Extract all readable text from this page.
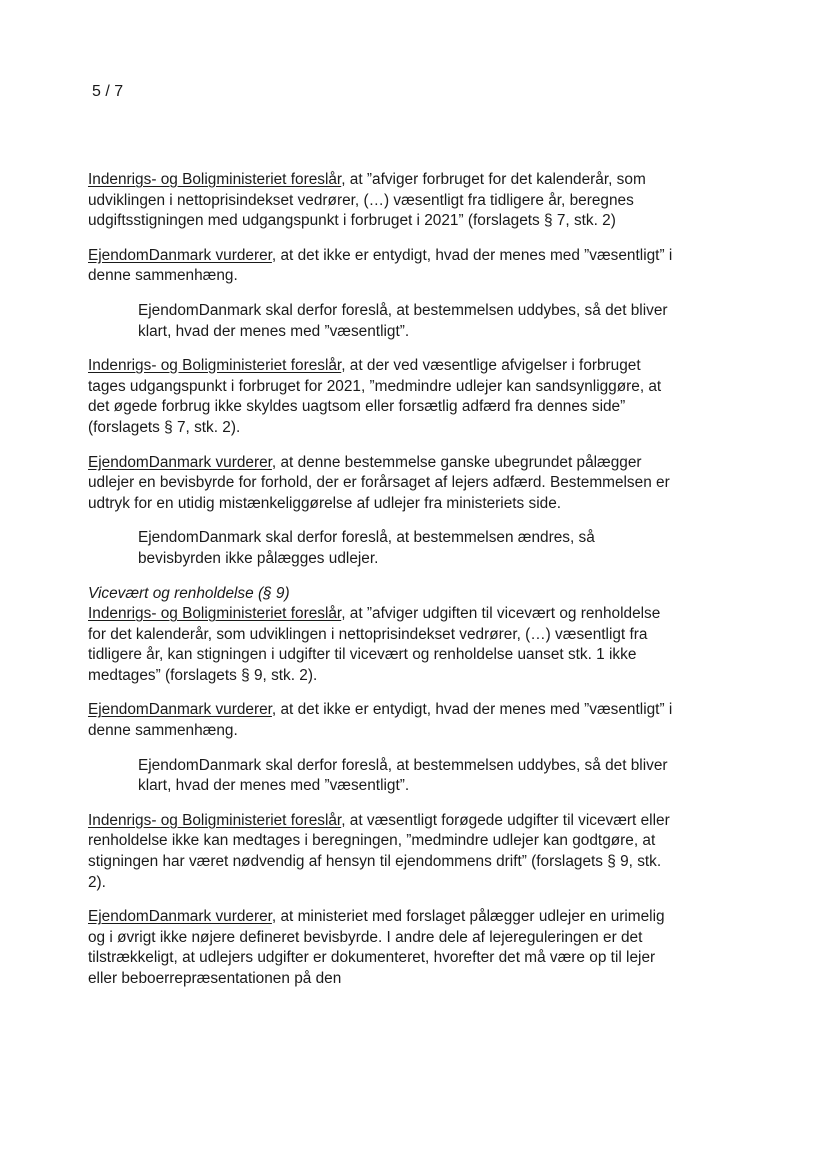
5 / 7

Indenrigs- og Boligministeriet foreslår, at ”afviger forbruget for det kalenderår, som udviklingen i nettoprisindekset vedrører, (…) væsentligt fra tidligere år, beregnes udgiftsstigningen med udgangspunkt i forbruget i 2021” (forslagets § 7, stk. 2)

EjendomDanmark vurderer, at det ikke er entydigt, hvad der menes med ”væsentligt” i denne sammenhæng.

EjendomDanmark skal derfor foreslå, at bestemmelsen uddybes, så det bliver klart, hvad der menes med ”væsentligt”.

Indenrigs- og Boligministeriet foreslår, at der ved væsentlige afvigelser i forbruget tages udgangspunkt i forbruget for 2021, ”medmindre udlejer kan sandsynliggøre, at det øgede forbrug ikke skyldes uagtsom eller forsætlig adfærd fra dennes side” (forslagets § 7, stk. 2).

EjendomDanmark vurderer, at denne bestemmelse ganske ubegrundet pålægger udlejer en bevisbyrde for forhold, der er forårsaget af lejers adfærd. Bestemmelsen er udtryk for en utidig mistænkeliggørelse af udlejer fra ministeriets side.

EjendomDanmark skal derfor foreslå, at bestemmelsen ændres, så bevisbyrden ikke pålægges udlejer.

Vicevært og renholdelse (§ 9)

Indenrigs- og Boligministeriet foreslår, at ”afviger udgiften til vicevært og renholdelse for det kalenderår, som udviklingen i nettoprisindekset vedrører, (…) væsentligt fra tidligere år, kan stigningen i udgifter til vicevært og renholdelse uanset stk. 1 ikke medtages” (forslagets § 9, stk. 2).

EjendomDanmark vurderer, at det ikke er entydigt, hvad der menes med ”væsentligt” i denne sammenhæng.

EjendomDanmark skal derfor foreslå, at bestemmelsen uddybes, så det bliver klart, hvad der menes med ”væsentligt”.

Indenrigs- og Boligministeriet foreslår, at væsentligt forøgede udgifter til vicevært eller renholdelse ikke kan medtages i beregningen, ”medmindre udlejer kan godtgøre, at stigningen har været nødvendig af hensyn til ejendommens drift” (forslagets § 9, stk. 2).

EjendomDanmark vurderer, at ministeriet med forslaget pålægger udlejer en urimelig og i øvrigt ikke nøjere defineret bevisbyrde. I andre dele af lejereguleringen er det tilstrækkeligt, at udlejers udgifter er dokumenteret, hvorefter det må være op til lejer eller beboerrepræsentationen på den
